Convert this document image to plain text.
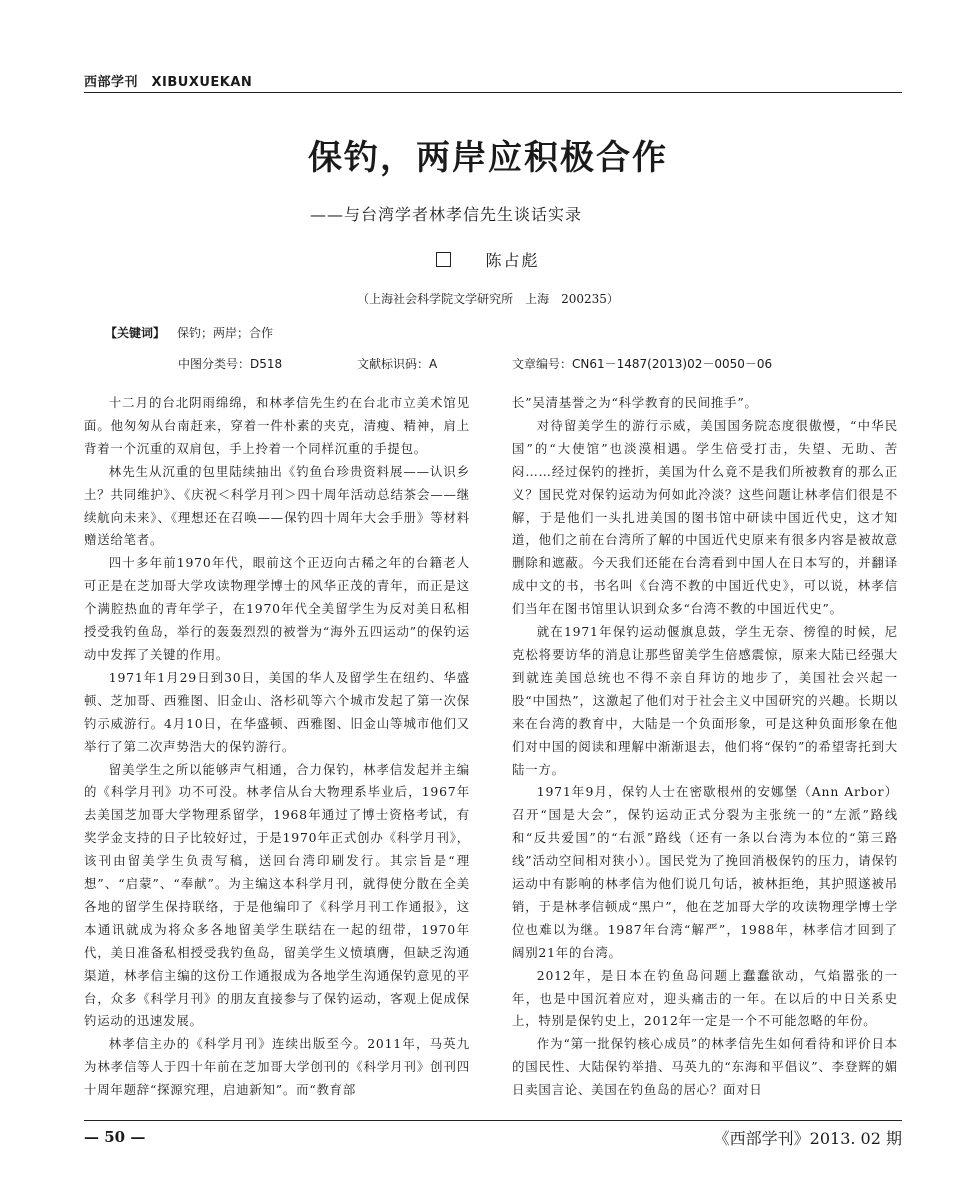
西部学刊　XIBUXUEKAN
保钓，两岸应积极合作
——与台湾学者林孝信先生谈话实录
陈占彪
（上海社会科学院文学研究所　上海　200235）
【关键词】 保钓；两岸；合作
中图分类号：D518	文献标识码：A	文章编号：CN61－1487(2013)02－0050－06

十二月的台北阴雨绵绵，和林孝信先生约在台北市立美术馆见面。他匆匆从台南赶来，穿着一件朴素的夹克，清瘦、精神，肩上背着一个沉重的双肩包，手上拎着一个同样沉重的手提包。

林先生从沉重的包里陆续抽出《钓鱼台珍贵资料展——认识乡土？共同维护》、《庆祝＜科学月刊＞四十周年活动总结茶会——继续航向未来》、《理想还在召唤——保钓四十周年大会手册》等材料赠送给笔者。

四十多年前1970年代，眼前这个正迈向古稀之年的台籍老人可正是在芝加哥大学攻读物理学博士的风华正茂的青年，而正是这个满腔热血的青年学子，在1970年代全美留学生为反对美日私相授受我钓鱼岛，举行的轰轰烈烈的被誉为“海外五四运动”的保钓运动中发挥了关键的作用。

1971年1月29日到30日，美国的华人及留学生在纽约、华盛顿、芝加哥、西雅图、旧金山、洛杉矶等六个城市发起了第一次保钓示威游行。4月10日，在华盛顿、西雅图、旧金山等城市他们又举行了第二次声势浩大的保钓游行。

留美学生之所以能够声气相通，合力保钓，林孝信发起并主编的《科学月刊》功不可没。林孝信从台大物理系毕业后，1967年去美国芝加哥大学物理系留学，1968年通过了博士资格考试，有奖学金支持的日子比较好过，于是1970年正式创办《科学月刊》，该刊由留美学生负责写稿，送回台湾印刷发行。其宗旨是“理想”、“启蒙”、“奉献”。为主编这本科学月刊，就得使分散在全美各地的留学生保持联络，于是他编印了《科学月刊工作通报》，这本通讯就成为将众多各地留美学生联结在一起的纽带，1970年代，美日准备私相授受我钓鱼岛，留美学生义愤填膺，但缺乏沟通渠道，林孝信主编的这份工作通报成为各地学生沟通保钓意见的平台，众多《科学月刊》的朋友直接参与了保钓运动，客观上促成保钓运动的迅速发展。

林孝信主办的《科学月刊》连续出版至今。2011年，马英九为林孝信等人于四十年前在芝加哥大学创刊的《科学月刊》创刊四十周年题辞“探源究理，启迪新知”。而“教育部

长”吴清基誉之为“科学教育的民间推手”。

对待留美学生的游行示威，美国国务院态度很傲慢，“中华民国”的“大使馆”也淡漠相遇。学生倍受打击，失望、无助、苦闷……经过保钓的挫折，美国为什么竟不是我们所被教育的那么正义？国民党对保钓运动为何如此冷淡？这些问题让林孝信们很是不解，于是他们一头扎进美国的图书馆中研读中国近代史，这才知道，他们之前在台湾所了解的中国近代史原来有很多内容是被故意删除和遮蔽。今天我们还能在台湾看到中国人在日本写的，并翻译成中文的书，书名叫《台湾不教的中国近代史》，可以说，林孝信们当年在图书馆里认识到众多“台湾不教的中国近代史”。

就在1971年保钓运动偃旗息鼓，学生无奈、徬徨的时候，尼克松将要访华的消息让那些留美学生倍感震惊，原来大陆已经强大到就连美国总统也不得不亲自拜访的地步了，美国社会兴起一股“中国热”，这激起了他们对于社会主义中国研究的兴趣。长期以来在台湾的教育中，大陆是一个负面形象，可是这种负面形象在他们对中国的阅读和理解中渐渐退去，他们将“保钓”的希望寄托到大陆一方。

1971年9月，保钓人士在密歇根州的安娜堡（Ann Arbor）召开“国是大会”，保钓运动正式分裂为主张统一的“左派”路线和“反共爱国”的“右派”路线（还有一条以台湾为本位的“第三路线”活动空间相对狭小）。国民党为了挽回消极保钓的压力，请保钓运动中有影响的林孝信为他们说几句话，被林拒绝，其护照遂被吊销，于是林孝信顿成“黑户”，他在芝加哥大学的攻读物理学博士学位也难以为继。1987年台湾“解严”，1988年，林孝信才回到了阔别21年的台湾。

2012年，是日本在钓鱼岛问题上蠢蠢欲动，气焰嚣张的一年，也是中国沉着应对，迎头痛击的一年。在以后的中日关系史上，特别是保钓史上，2012年一定是一个不可能忽略的年份。

作为“第一批保钓核心成员”的林孝信先生如何看待和评价日本的国民性、大陆保钓举措、马英九的“东海和平倡议”、李登辉的媚日卖国言论、美国在钓鱼岛的居心？面对日

— 50 —	《西部学刊》2013. 02 期
